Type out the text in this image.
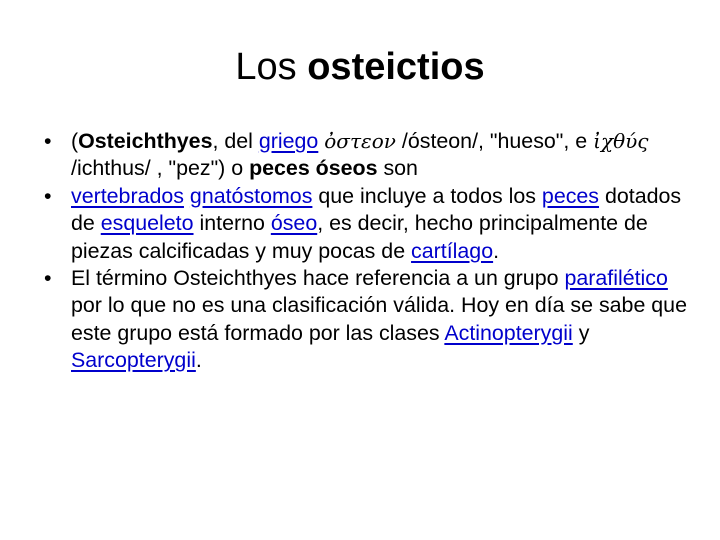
Los osteictios
• (Osteichthyes, del griego ὀστεον /ósteon/, "hueso", e ἰχθύς /ichthus/ , "pez") o peces óseos son
• vertebrados gnatóstomos que incluye a todos los peces dotados de esqueleto interno óseo, es decir, hecho principalmente de piezas calcificadas y muy pocas de cartílago.
• El término Osteichthyes hace referencia a un grupo parafilético por lo que no es una clasificación válida. Hoy en día se sabe que este grupo está formado por las clases Actinopterygii y Sarcopterygii.
